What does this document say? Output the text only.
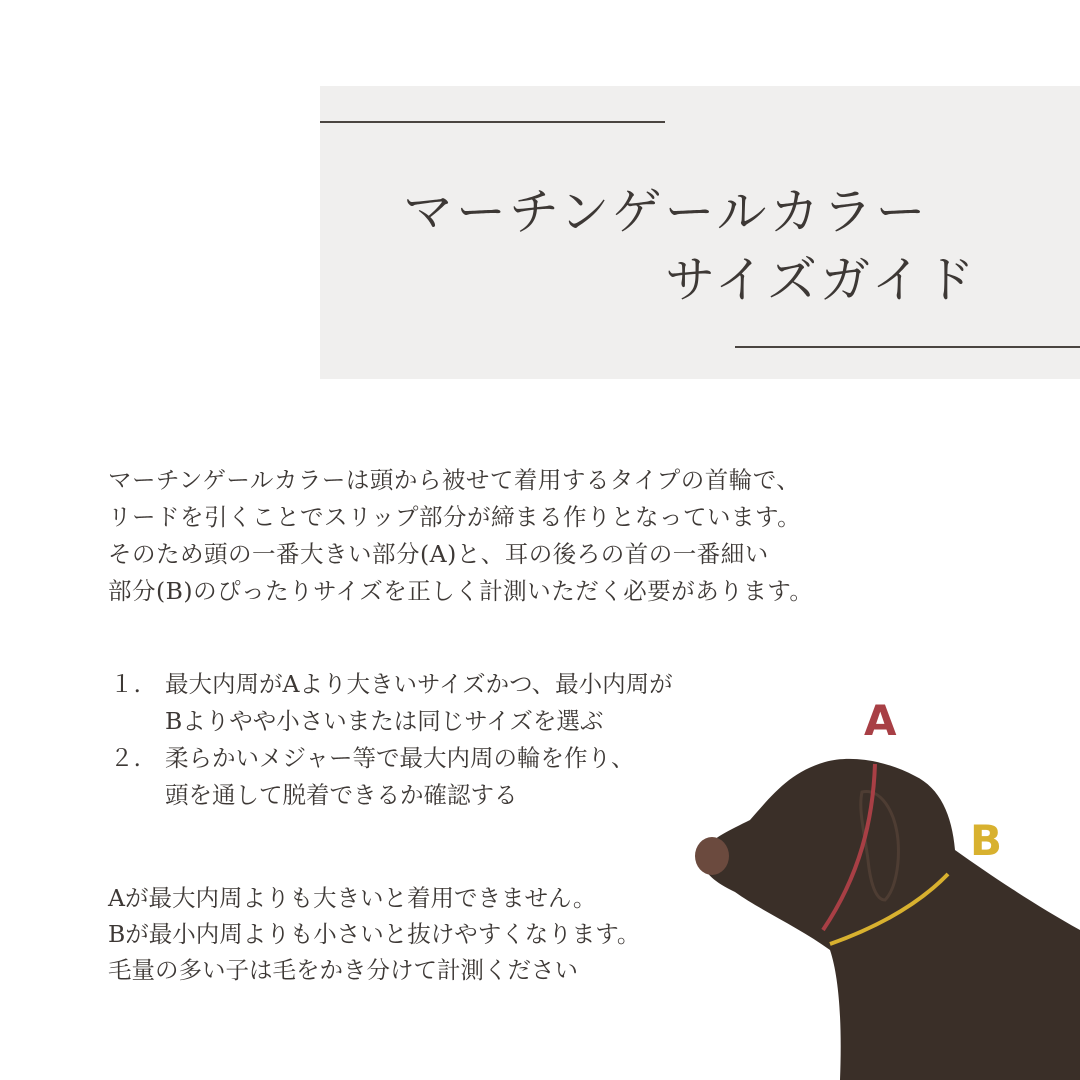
マーチンゲールカラー
サイズガイド
マーチンゲールカラーは頭から被せて着用するタイプの首輪で、
リードを引くことでスリップ部分が締まる作りとなっています。
そのため頭の一番大きい部分(A)と、耳の後ろの首の一番細い
部分(B)のぴったりサイズを正しく計測いただく必要があります。
１.	最大内周がAより大きいサイズかつ、最小内周が
Bよりやや小さいまたは同じサイズを選ぶ
２.	柔らかいメジャー等で最大内周の輪を作り、
頭を通して脱着できるか確認する
Aが最大内周よりも大きいと着用できません。
Bが最小内周よりも小さいと抜けやすくなります。
毛量の多い子は毛をかき分けて計測ください
A
B
